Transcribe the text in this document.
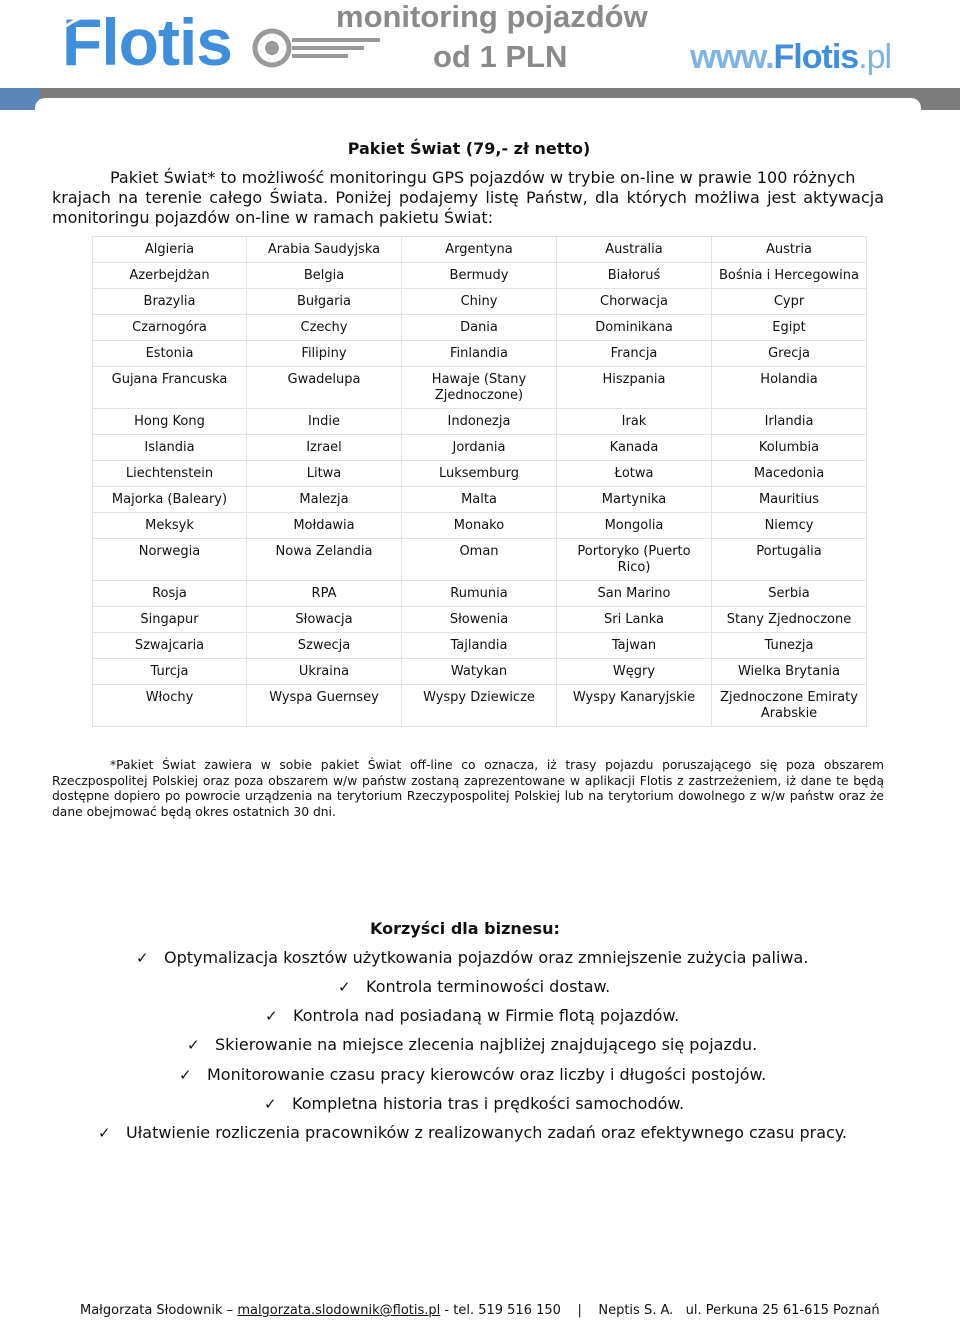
Flotis	monitoring pojazdów
od 1 PLN	www.Flotis.pl
Pakiet Świat (79,- zł netto)
Pakiet Świat* to możliwość monitoringu GPS pojazdów w trybie on-line w prawie 100 różnych
krajach na terenie całego Świata. Poniżej podajemy listę Państw, dla których możliwa jest aktywacja monitoringu pojazdów on-line w ramach pakietu Świat:
Algieria	Arabia Saudyjska	Argentyna	Australia	Austria
Azerbejdżan	Belgia	Bermudy	Białoruś	Bośnia i Hercegowina
Brazylia	Bułgaria	Chiny	Chorwacja	Cypr
Czarnogóra	Czechy	Dania	Dominikana	Egipt
Estonia	Filipiny	Finlandia	Francja	Grecja
Gujana Francuska	Gwadelupa	Hawaje (Stany Zjednoczone)	Hiszpania	Holandia
Hong Kong	Indie	Indonezja	Irak	Irlandia
Islandia	Izrael	Jordania	Kanada	Kolumbia
Liechtenstein	Litwa	Luksemburg	Łotwa	Macedonia
Majorka (Baleary)	Malezja	Malta	Martynika	Mauritius
Meksyk	Mołdawia	Monako	Mongolia	Niemcy
Norwegia	Nowa Zelandia	Oman	Portoryko (Puerto Rico)	Portugalia
Rosja	RPA	Rumunia	San Marino	Serbia
Singapur	Słowacja	Słowenia	Sri Lanka	Stany Zjednoczone
Szwajcaria	Szwecja	Tajlandia	Tajwan	Tunezja
Turcja	Ukraina	Watykan	Węgry	Wielka Brytania
Włochy	Wyspa Guernsey	Wyspy Dziewicze	Wyspy Kanaryjskie	Zjednoczone Emiraty Arabskie

*Pakiet Świat zawiera w sobie pakiet Świat off-line co oznacza, iż trasy pojazdu poruszającego się poza obszarem Rzeczpospolitej Polskiej oraz poza obszarem w/w państw zostaną zaprezentowane w aplikacji Flotis z zastrzeżeniem, iż dane te będą dostępne dopiero po powrocie urządzenia na terytorium Rzeczypospolitej Polskiej lub na terytorium dowolnego z w/w państw oraz że dane obejmować będą okres ostatnich 30 dni.

Korzyści dla biznesu:
✓ Optymalizacja kosztów użytkowania pojazdów oraz zmniejszenie zużycia paliwa.
✓ Kontrola terminowości dostaw.
✓ Kontrola nad posiadaną w Firmie flotą pojazdów.
✓ Skierowanie na miejsce zlecenia najbliżej znajdującego się pojazdu.
✓ Monitorowanie czasu pracy kierowców oraz liczby i długości postojów.
✓ Kompletna historia tras i prędkości samochodów.
✓ Ułatwienie rozliczenia pracowników z realizowanych zadań oraz efektywnego czasu pracy.
Małgorzata Słodownik – malgorzata.slodownik@flotis.pl - tel. 519 516 150    |    Neptis S. A.   ul. Perkuna 25 61-615 Poznań
